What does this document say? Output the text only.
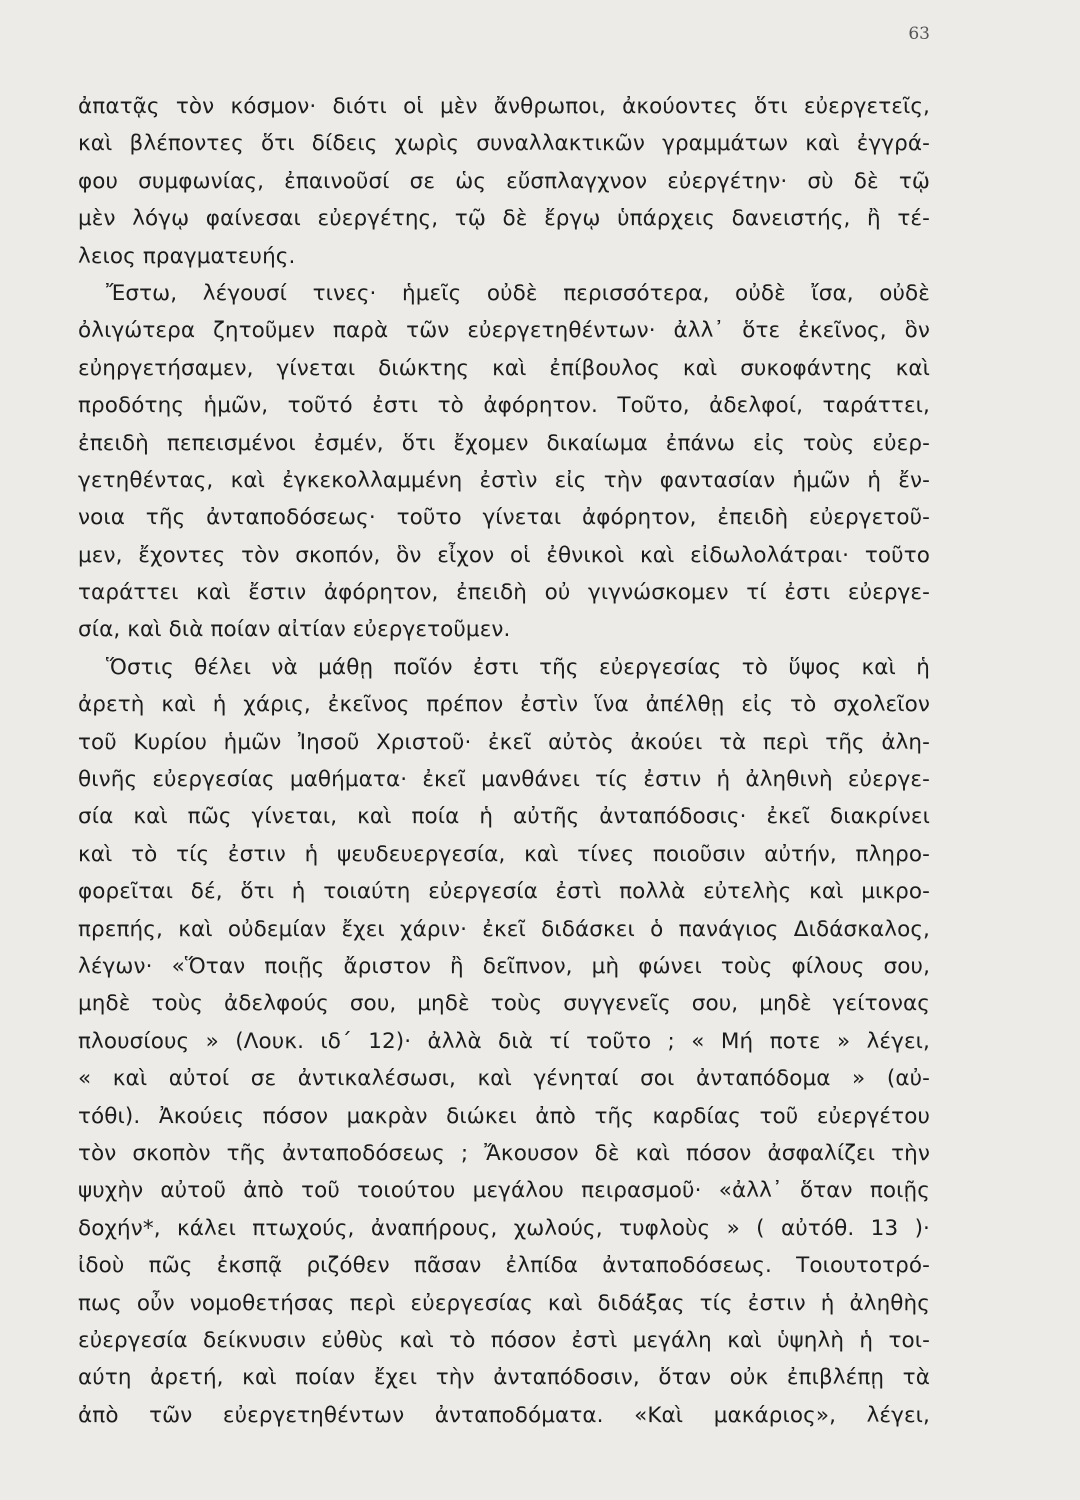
63
ἀπατᾷς τὸν κόσμον· διότι οἱ μὲν ἄνθρωποι, ἀκούοντες ὅτι εὐεργετεῖς,
καὶ βλέποντες ὅτι δίδεις χωρὶς συναλλακτικῶν γραμμάτων καὶ ἐγγρά-
φου συμφωνίας, ἐπαινοῦσί σε ὡς εὔσπλαγχνον εὐεργέτην· σὺ δὲ τῷ
μὲν λόγῳ φαίνεσαι εὐεργέτης, τῷ δὲ ἔργῳ ὑπάρχεις δανειστής, ἢ τέ-
λειος πραγματευής.
Ἔστω, λέγουσί τινες· ἡμεῖς οὐδὲ περισσότερα, οὐδὲ ἴσα, οὐδὲ
ὀλιγώτερα ζητοῦμεν παρὰ τῶν εὐεργετηθέντων· ἀλλ᾽ ὅτε ἐκεῖνος, ὃν
εὐηργετήσαμεν, γίνεται διώκτης καὶ ἐπίβουλος καὶ συκοφάντης καὶ
προδότης ἡμῶν, τοῦτό ἐστι τὸ ἀφόρητον. Τοῦτο, ἀδελφοί, ταράττει,
ἐπειδὴ πεπεισμένοι ἐσμέν, ὅτι ἔχομεν δικαίωμα ἐπάνω εἰς τοὺς εὐερ-
γετηθέντας, καὶ ἐγκεκολλαμμένη ἐστὶν εἰς τὴν φαντασίαν ἡμῶν ἡ ἔν-
νοια τῆς ἀνταποδόσεως· τοῦτο γίνεται ἀφόρητον, ἐπειδὴ εὐεργετοῦ-
μεν, ἔχοντες τὸν σκοπόν, ὃν εἶχον οἱ ἐθνικοὶ καὶ εἰδωλολάτραι· τοῦτο
ταράττει καὶ ἔστιν ἀφόρητον, ἐπειδὴ οὐ γιγνώσκομεν τί ἐστι εὐεργε-
σία, καὶ διὰ ποίαν αἰτίαν εὐεργετοῦμεν.
Ὅστις θέλει νὰ μάθῃ ποῖόν ἐστι τῆς εὐεργεσίας τὸ ὕψος καὶ ἡ
ἀρετὴ καὶ ἡ χάρις, ἐκεῖνος πρέπον ἐστὶν ἵνα ἀπέλθῃ εἰς τὸ σχολεῖον
τοῦ Κυρίου ἡμῶν Ἰησοῦ Χριστοῦ· ἐκεῖ αὐτὸς ἀκούει τὰ περὶ τῆς ἀλη-
θινῆς εὐεργεσίας μαθήματα· ἐκεῖ μανθάνει τίς ἐστιν ἡ ἀληθινὴ εὐεργε-
σία καὶ πῶς γίνεται, καὶ ποία ἡ αὐτῆς ἀνταπόδοσις· ἐκεῖ διακρίνει
καὶ τὸ τίς ἐστιν ἡ ψευδευεργεσία, καὶ τίνες ποιοῦσιν αὐτήν, πληρο-
φορεῖται δέ, ὅτι ἡ τοιαύτη εὐεργεσία ἐστὶ πολλὰ εὐτελὴς καὶ μικρο-
πρεπής, καὶ οὐδεμίαν ἔχει χάριν· ἐκεῖ διδάσκει ὁ πανάγιος Διδάσκαλος,
λέγων· «Ὅταν ποιῇς ἄριστον ἢ δεῖπνον, μὴ φώνει τοὺς φίλους σου,
μηδὲ τοὺς ἀδελφούς σου, μηδὲ τοὺς συγγενεῖς σου, μηδὲ γείτονας
πλουσίους » (Λουκ. ιδ΄ 12)· ἀλλὰ διὰ τί τοῦτο ; « Μή ποτε » λέγει,
« καὶ αὐτοί σε ἀντικαλέσωσι, καὶ γένηταί σοι ἀνταπόδομα » (αὐ-
τόθι). Ἀκούεις πόσον μακρὰν διώκει ἀπὸ τῆς καρδίας τοῦ εὐεργέτου
τὸν σκοπὸν τῆς ἀνταποδόσεως ; Ἄκουσον δὲ καὶ πόσον ἀσφαλίζει τὴν
ψυχὴν αὐτοῦ ἀπὸ τοῦ τοιούτου μεγάλου πειρασμοῦ· «ἀλλ᾽ ὅταν ποιῇς
δοχήν*, κάλει πτωχούς, ἀναπήρους, χωλούς, τυφλοὺς » ( αὐτόθ. 13 )·
ἰδοὺ πῶς ἐκσπᾷ ριζόθεν πᾶσαν ἐλπίδα ἀνταποδόσεως. Τοιουτοτρό-
πως οὖν νομοθετήσας περὶ εὐεργεσίας καὶ διδάξας τίς ἐστιν ἡ ἀληθὴς
εὐεργεσία δείκνυσιν εὐθὺς καὶ τὸ πόσον ἐστὶ μεγάλη καὶ ὑψηλὴ ἡ τοι-
αύτη ἀρετή, καὶ ποίαν ἔχει τὴν ἀνταπόδοσιν, ὅταν οὐκ ἐπιβλέπῃ τὰ
ἀπὸ τῶν εὐεργετηθέντων ἀνταποδόματα. «Καὶ μακάριος», λέγει,
